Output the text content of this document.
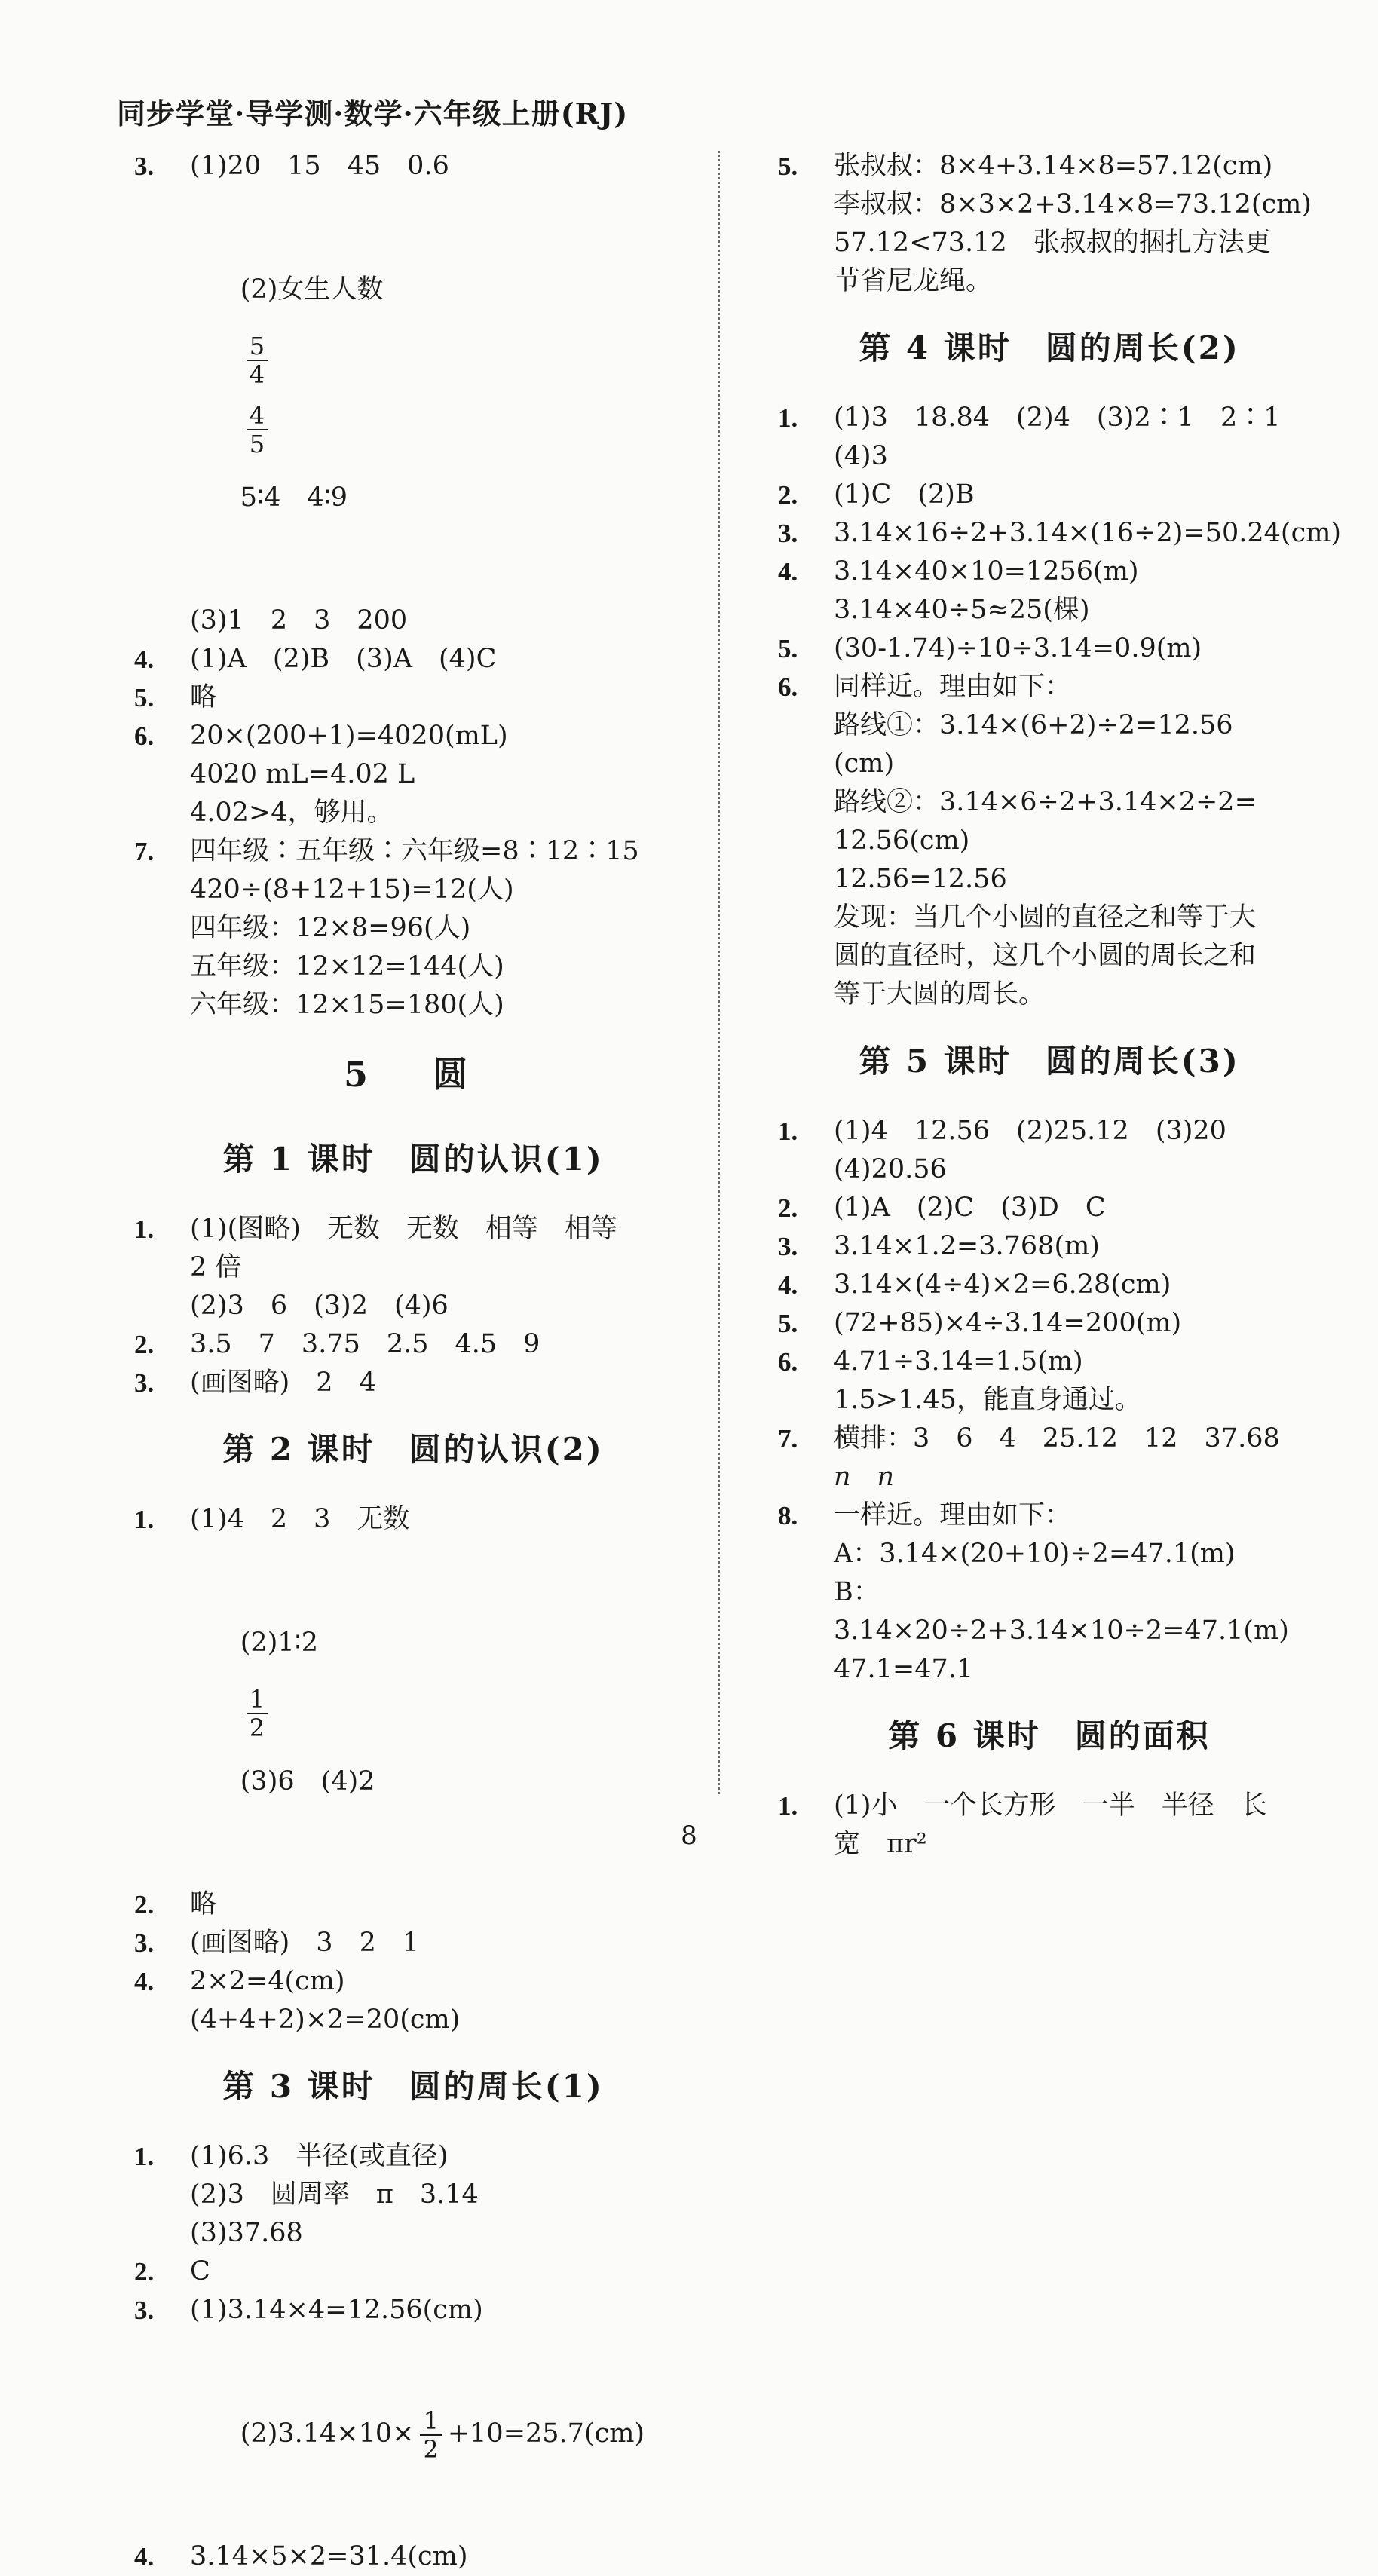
同步学堂·导学测·数学·六年级上册(RJ)
3. (1)20　15　45　0.6

(2)女生人数

$\frac{5}{4}$

$\frac{4}{5}$

5∶4　4∶9

(3)1　2　3　200
4. (1)A　(2)B　(3)A　(4)C
5. 略
6. 20×(200+1)=4020(mL)
4020 mL=4.02 L
4.02>4，够用。
7. 四年级∶五年级∶六年级=8∶12∶15
420÷(8+12+15)=12(人)
四年级：12×8=96(人)
五年级：12×12=144(人)
六年级：12×15=180(人)
5　圆
第 1 课时　圆的认识(1)
1. (1)(图略)　无数　无数　相等　相等
2 倍
(2)3　6　(3)2　(4)6
2. 3.5　7　3.75　2.5　4.5　9
3. (画图略)　2　4
第 2 课时　圆的认识(2)
1. (1)4　2　3　无数

(2)1∶2

$\frac{1}{2}$

(3)6　(4)2

2. 略
3. (画图略)　3　2　1
4. 2×2=4(cm)
(4+4+2)×2=20(cm)
第 3 课时　圆的周长(1)
1. (1)6.3　半径(或直径)
(2)3　圆周率　π　3.14
(3)37.68
2. C
3. (1)3.14×4=12.56(cm)

$(2)3.14\times 10\times \frac{1}{2} +10=25.7(cm)$

4. 3.14×5×2=31.4(cm)
5. 张叔叔：8×4+3.14×8=57.12(cm)
李叔叔：8×3×2+3.14×8=73.12(cm)
57.12<73.12　张叔叔的捆扎方法更
节省尼龙绳。
第 4 课时　圆的周长(2)
1. (1)3　18.84　(2)4　(3)2∶1　2∶1
(4)3
2. (1)C　(2)B
3. 3.14×16÷2+3.14×(16÷2)=50.24(cm)
4. 3.14×40×10=1256(m)
3.14×40÷5≈25(棵)
5. (30-1.74)÷10÷3.14=0.9(m)
6. 同样近。理由如下：
路线①：3.14×(6+2)÷2=12.56
(cm)
路线②：3.14×6÷2+3.14×2÷2=
12.56(cm)
12.56=12.56
发现：当几个小圆的直径之和等于大
圆的直径时，这几个小圆的周长之和
等于大圆的周长。
第 5 课时　圆的周长(3)
1. (1)4　12.56　(2)25.12　(3)20
(4)20.56
2. (1)A　(2)C　(3)D　C
3. 3.14×1.2=3.768(m)
4. 3.14×(4÷4)×2=6.28(cm)
5. (72+85)×4÷3.14=200(m)
6. 4.71÷3.14=1.5(m)
1.5>1.45，能直身通过。
7. 横排：3　6　4　25.12　12　37.68
n　n
8. 一样近。理由如下：
A：3.14×(20+10)÷2=47.1(m)
B：3.14×20÷2+3.14×10÷2=47.1(m)
47.1=47.1
第 6 课时　圆的面积
1. (1)小　一个长方形　一半　半径　长
宽　πr²
8
